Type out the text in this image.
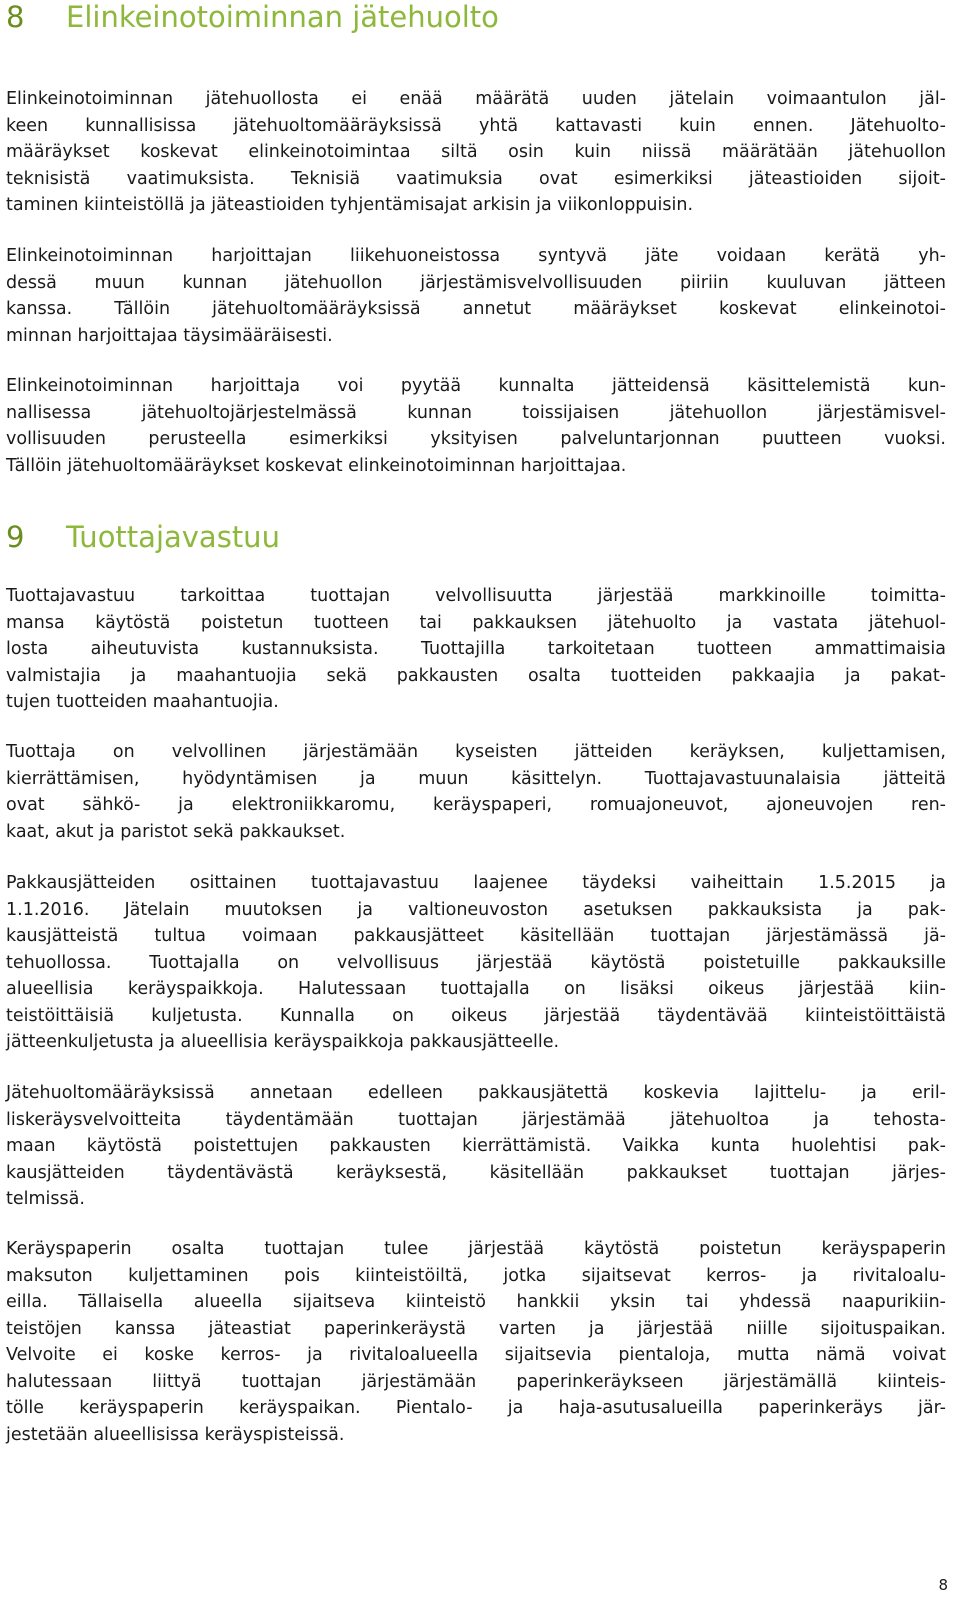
8 Elinkeinotoiminnan jätehuolto

Elinkeinotoiminnan jätehuollosta ei enää määrätä uuden jätelain voimaantulon jäl-
keen kunnallisissa jätehuoltomääräyksissä yhtä kattavasti kuin ennen. Jätehuolto-
määräykset koskevat elinkeinotoimintaa siltä osin kuin niissä määrätään jätehuollon
teknisistä vaatimuksista. Teknisiä vaatimuksia ovat esimerkiksi jäteastioiden sijoit-
taminen kiinteistöllä ja jäteastioiden tyhjentämisajat arkisin ja viikonloppuisin.

Elinkeinotoiminnan harjoittajan liikehuoneistossa syntyvä jäte voidaan kerätä yh-
dessä muun kunnan jätehuollon järjestämisvelvollisuuden piiriin kuuluvan jätteen
kanssa. Tällöin jätehuoltomääräyksissä annetut määräykset koskevat elinkeinotoi-
minnan harjoittajaa täysimääräisesti.

Elinkeinotoiminnan harjoittaja voi pyytää kunnalta jätteidensä käsittelemistä kun-
nallisessa jätehuoltojärjestelmässä kunnan toissijaisen jätehuollon järjestämisvel-
vollisuuden perusteella esimerkiksi yksityisen palveluntarjonnan puutteen vuoksi.
Tällöin jätehuoltomääräykset koskevat elinkeinotoiminnan harjoittajaa.

9 Tuottajavastuu

Tuottajavastuu tarkoittaa tuottajan velvollisuutta järjestää markkinoille toimitta-
mansa käytöstä poistetun tuotteen tai pakkauksen jätehuolto ja vastata jätehuol-
losta aiheutuvista kustannuksista. Tuottajilla tarkoitetaan tuotteen ammattimaisia
valmistajia ja maahantuojia sekä pakkausten osalta tuotteiden pakkaajia ja pakat-
tujen tuotteiden maahantuojia.

Tuottaja on velvollinen järjestämään kyseisten jätteiden keräyksen, kuljettamisen,
kierrättämisen, hyödyntämisen ja muun käsittelyn. Tuottajavastuunalaisia jätteitä
ovat sähkö- ja elektroniikkaromu, keräyspaperi, romuajoneuvot, ajoneuvojen ren-
kaat, akut ja paristot sekä pakkaukset.

Pakkausjätteiden osittainen tuottajavastuu laajenee täydeksi vaiheittain 1.5.2015 ja
1.1.2016. Jätelain muutoksen ja valtioneuvoston asetuksen pakkauksista ja pak-
kausjätteistä tultua voimaan pakkausjätteet käsitellään tuottajan järjestämässä jä-
tehuollossa. Tuottajalla on velvollisuus järjestää käytöstä poistetuille pakkauksille
alueellisia keräyspaikkoja. Halutessaan tuottajalla on lisäksi oikeus järjestää kiin-
teistöittäisiä kuljetusta. Kunnalla on oikeus järjestää täydentävää kiinteistöittäistä
jätteenkuljetusta ja alueellisia keräyspaikkoja pakkausjätteelle.

Jätehuoltomääräyksissä annetaan edelleen pakkausjätettä koskevia lajittelu- ja eril-
liskeräysvelvoitteita täydentämään tuottajan järjestämää jätehuoltoa ja tehosta-
maan käytöstä poistettujen pakkausten kierrättämistä. Vaikka kunta huolehtisi pak-
kausjätteiden täydentävästä keräyksestä, käsitellään pakkaukset tuottajan järjes-
telmissä.

Keräyspaperin osalta tuottajan tulee järjestää käytöstä poistetun keräyspaperin
maksuton kuljettaminen pois kiinteistöiltä, jotka sijaitsevat kerros- ja rivitaloalu-
eilla. Tällaisella alueella sijaitseva kiinteistö hankkii yksin tai yhdessä naapurikiin-
teistöjen kanssa jäteastiat paperinkeräystä varten ja järjestää niille sijoituspaikan.
Velvoite ei koske kerros- ja rivitaloalueella sijaitsevia pientaloja, mutta nämä voivat
halutessaan liittyä tuottajan järjestämään paperinkeräykseen järjestämällä kiinteis-
tölle keräyspaperin keräyspaikan. Pientalo- ja haja-asutusalueilla paperinkeräys jär-
jestetään alueellisissa keräyspisteissä.

8
